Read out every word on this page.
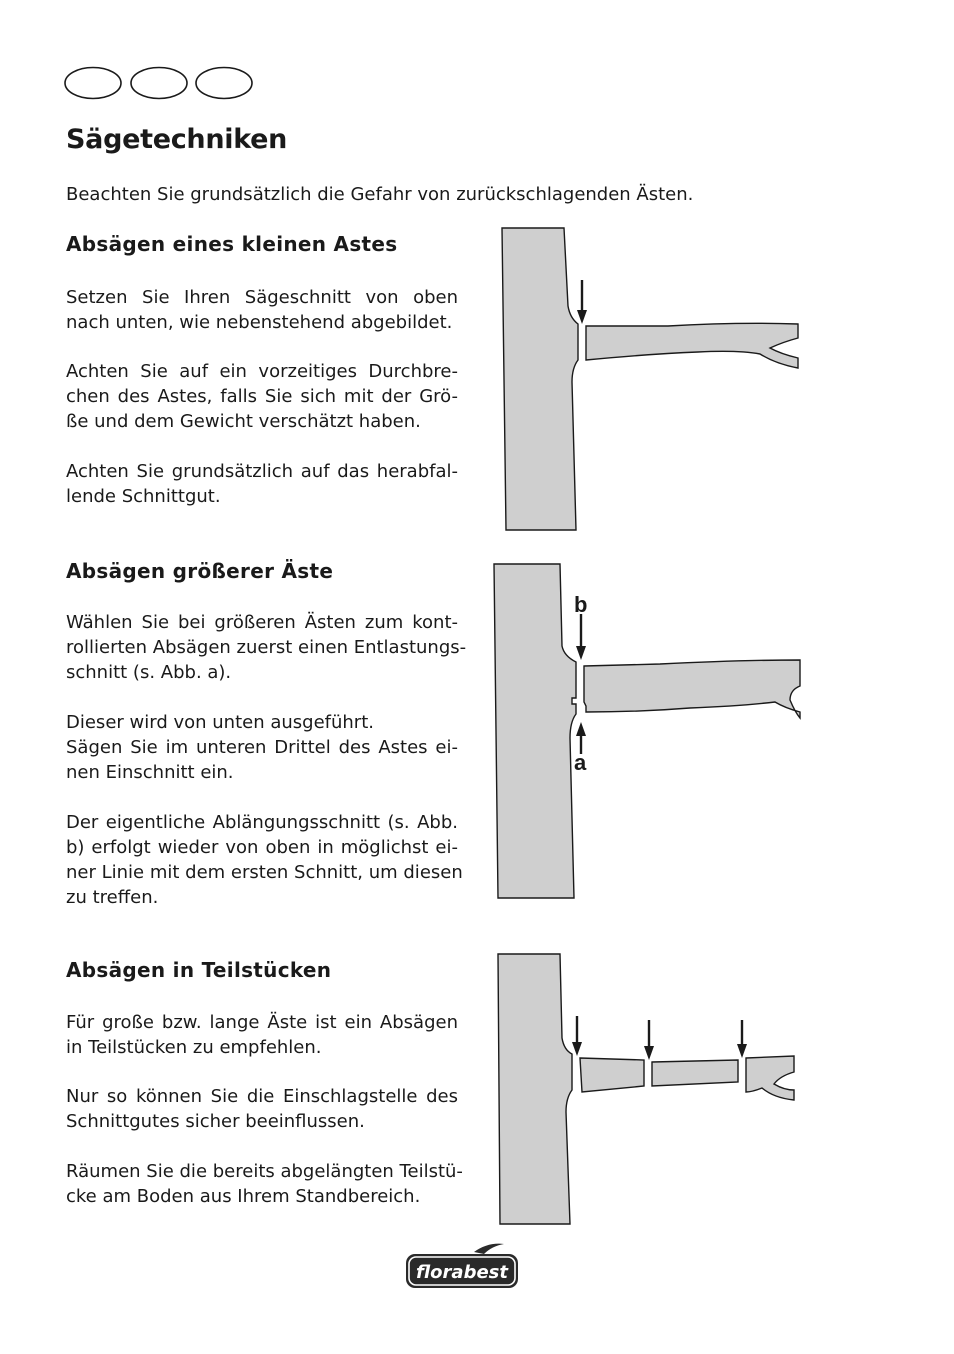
Sägetechniken

Beachten Sie grundsätzlich die Gefahr von zurückschlagenden Ästen.

Absägen eines kleinen Astes

Setzen Sie Ihren Sägeschnitt von oben
nach unten, wie nebenstehend abgebildet.

Achten Sie auf ein vorzeitiges Durchbre-
chen des Astes, falls Sie sich mit der Grö-
ße und dem Gewicht verschätzt haben.

Achten Sie grundsätzlich auf das herabfal-
lende Schnittgut.

Absägen größerer Äste

Wählen Sie bei größeren Ästen zum kont-
rollierten Absägen zuerst einen Entlastungs-
schnitt (s. Abb. a).

Dieser wird von unten ausgeführt.
Sägen Sie im unteren Drittel des Astes ei-
nen Einschnitt ein.

Der eigentliche Ablängungsschnitt (s. Abb.
b) erfolgt wieder von oben in möglichst ei-
ner Linie mit dem ersten Schnitt, um diesen
zu treffen.

b
a
Absägen in Teilstücken

Für große bzw. lange Äste ist ein Absägen
in Teilstücken zu empfehlen.

Nur so können Sie die Einschlagstelle des
Schnittgutes sicher beeinflussen.

Räumen Sie die bereits abgelängten Teilstü-
cke am Boden aus Ihrem Standbereich.

florabest
